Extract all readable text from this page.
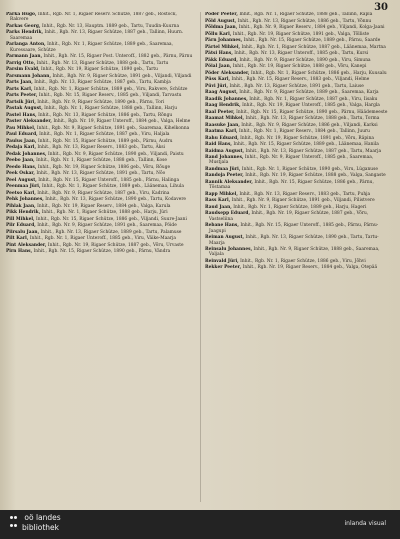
30

Parka Hugo, Inhit., Rgb. Nr. 1, Rigaer Reserv. Schütze, 1887 geb., Rostock, Rakvere

Parkas Georg, Inhit., Rgb. Nr. 13, Hauptm. 1889 geb., Tartu, Tuudin-Kuurna

Parks Hendrik, Inhit., Rgb. Nr. 13, Rigaer Schütze, 1887 geb., Tallinn, Huurn. Saaremaa

Parlanga Anton, Inhit., Rgb. Nr. 1, Rigaer Schütze, 1889 geb., Saaremaa, Kuressaare, Schütze

Parmann Jaan, Inhit., Rgb. Nr. 15, Rigaer Post. Unteroff., 1882 geb., Pärnu, Pärnu

Parrig Otto, Inhit., Rgb. Nr. 13, Rigaer Schütze, 1888 geb., Tartu, Tartu

Parsim Evald, Inhit., Rgb. Nr. 19, Rigaer Schütze, 1890 geb., Tartu

Parsmann Johann, Inhit., Rgb. Nr. 9, Rigaer Schütze, 1891 geb., Viljandi, Viljandi

Parts Jaan, Inhit., Rgb. Nr. 13, Rigaer Schütze, 1887 geb., Tartu, Kambja

Parts Karl, Inhit., Rgb. Nr. 1, Rigaer Schütze, 1889 geb., Viru, Rakvere, Schütze

Parts Peeter, Inhit., Rgb. Nr. 15, Rigaer Reserv., 1885 geb., Viljandi, Tarvastu

Partsik Jüri, Inhit., Rgb. Nr. 9, Rigaer Schütze, 1890 geb., Pärnu, Tori

Pastak August, Inhit., Rgb. Nr. 1, Rigaer Schütze, 1888 geb., Tallinn, Harju

Pastel Hans, Inhit., Rgb. Nr. 13, Rigaer Schütze, 1886 geb., Tartu, Rõngu

Paster Aleksander, Inhit., Rgb. Nr. 19, Rigaer Unteroff., 1884 geb., Valga, Helme

Pau Mihkel, Inhit., Rgb. Nr. 9, Rigaer Schütze, 1891 geb., Saaremaa, Kihelkonna

Paul Eduard, Inhit., Rgb. Nr. 1, Rigaer Schütze, 1887 geb., Viru, Haljala

Paulus Jaan, Inhit., Rgb. Nr. 15, Rigaer Schütze, 1889 geb., Pärnu, Audru

Pedaja Karl, Inhit., Rgb. Nr. 13, Rigaer Reserv., 1883 geb., Tartu, Äksi

Pedak Johannes, Inhit., Rgb. Nr. 9, Rigaer Schütze, 1890 geb., Viljandi, Paistu

Peebo Jaan, Inhit., Rgb. Nr. 1, Rigaer Schütze, 1888 geb., Tallinn, Kose

Peedo Hans, Inhit., Rgb. Nr. 19, Rigaer Schütze, 1886 geb., Võru, Rõuge

Peek Oskar, Inhit., Rgb. Nr. 13, Rigaer Schütze, 1891 geb., Tartu, Nõo

Peel August, Inhit., Rgb. Nr. 15, Rigaer Unteroff., 1885 geb., Pärnu, Halinga

Peenmaa Jüri, Inhit., Rgb. Nr. 1, Rigaer Schütze, 1889 geb., Läänemaa, Lihula

Peetso Karl, Inhit., Rgb. Nr. 9, Rigaer Schütze, 1887 geb., Viru, Kadrina

Pehk Johannes, Inhit., Rgb. Nr. 13, Rigaer Schütze, 1890 geb., Tartu, Kodavere

Pihlak Jaan, Inhit., Rgb. Nr. 19, Rigaer Reserv., 1884 geb., Valga, Karula

Pikk Hendrik, Inhit., Rgb. Nr. 1, Rigaer Schütze, 1888 geb., Harju, Jüri

Pill Mihkel, Inhit., Rgb. Nr. 15, Rigaer Schütze, 1886 geb., Viljandi, Suure-Jaani

Piir Eduard, Inhit., Rgb. Nr. 9, Rigaer Schütze, 1891 geb., Saaremaa, Pöide

Piirsalu Jaan, Inhit., Rgb. Nr. 13, Rigaer Schütze, 1889 geb., Tartu, Palamuse

Pilt Karl, Inhit., Rgb. Nr. 1, Rigaer Unteroff., 1885 geb., Viru, Väike-Maarja

Pint Aleksander, Inhit., Rgb. Nr. 19, Rigaer Schütze, 1887 geb., Võru, Urvaste

Pirn Hans, Inhit., Rgb. Nr. 15, Rigaer Schütze, 1890 geb., Pärnu, Vändra

Põder Peeter, Inhit., Rgb. Nr. 1, Rigaer Schütze, 1888 geb., Tallinn, Rapla

Põld August, Inhit., Rgb. Nr. 13, Rigaer Schütze, 1886 geb., Tartu, Võnnu

Põldma Jaan, Inhit., Rgb. Nr. 9, Rigaer Reserv., 1884 geb., Viljandi, Kolga-Jaani

Põllu Karl, Inhit., Rgb. Nr. 19, Rigaer Schütze, 1891 geb., Valga, Tõlliste

Pärn Johannes, Inhit., Rgb. Nr. 15, Rigaer Schütze, 1889 geb., Pärnu, Saarde

Pärtel Mihkel, Inhit., Rgb. Nr. 1, Rigaer Schütze, 1887 geb., Läänemaa, Martna

Pätsi Hans, Inhit., Rgb. Nr. 13, Rigaer Unteroff., 1885 geb., Tartu, Kursi

Päkk Eduard, Inhit., Rgb. Nr. 9, Rigaer Schütze, 1890 geb., Viru, Simuna

Pöial Jaan, Inhit., Rgb. Nr. 19, Rigaer Schütze, 1888 geb., Võru, Kanepi

Pöder Aleksander, Inhit., Rgb. Nr. 1, Rigaer Schütze, 1886 geb., Harju, Kuusalu

Püss Karl, Inhit., Rgb. Nr. 15, Rigaer Reserv., 1883 geb., Viljandi, Helme

Püvi Jüri, Inhit., Rgb. Nr. 13, Rigaer Schütze, 1891 geb., Tartu, Laiuse

Raag August, Inhit., Rgb. Nr. 9, Rigaer Schütze, 1889 geb., Saaremaa, Karja

Raadik Johannes, Inhit., Rgb. Nr. 1, Rigaer Schütze, 1887 geb., Viru, Iisaku

Raag Hendrik, Inhit., Rgb. Nr. 19, Rigaer Unteroff., 1885 geb., Valga, Hargla

Raal Peeter, Inhit., Rgb. Nr. 15, Rigaer Schütze, 1890 geb., Pärnu, Häädemeeste

Raamat Mihkel, Inhit., Rgb. Nr. 13, Rigaer Schütze, 1888 geb., Tartu, Torma

Raasuke Jaan, Inhit., Rgb. Nr. 9, Rigaer Schütze, 1886 geb., Viljandi, Karksi

Raatma Karl, Inhit., Rgb. Nr. 1, Rigaer Reserv., 1884 geb., Tallinn, Juuru

Rahu Eduard, Inhit., Rgb. Nr. 19, Rigaer Schütze, 1891 geb., Võru, Räpina

Raid Hans, Inhit., Rgb. Nr. 15, Rigaer Schütze, 1889 geb., Läänemaa, Hanila

Raidma August, Inhit., Rgb. Nr. 13, Rigaer Schütze, 1887 geb., Tartu, Maarja

Rand Johannes, Inhit., Rgb. Nr. 9, Rigaer Unteroff., 1885 geb., Saaremaa, Mustjala

Randmaa Jüri, Inhit., Rgb. Nr. 1, Rigaer Schütze, 1890 geb., Viru, Lüganuse

Randoja Peeter, Inhit., Rgb. Nr. 19, Rigaer Schütze, 1888 geb., Valga, Sangaste

Rannik Aleksander, Inhit., Rgb. Nr. 15, Rigaer Schütze, 1886 geb., Pärnu, Tõstamaa

Rapp Mihkel, Inhit., Rgb. Nr. 13, Rigaer Reserv., 1883 geb., Tartu, Puhja

Rass Karl, Inhit., Rgb. Nr. 9, Rigaer Schütze, 1891 geb., Viljandi, Pilistvere

Raud Jaan, Inhit., Rgb. Nr. 1, Rigaer Schütze, 1889 geb., Harju, Hageri

Raudsepp Eduard, Inhit., Rgb. Nr. 19, Rigaer Schütze, 1887 geb., Võru, Vastseliina

Rebane Hans, Inhit., Rgb. Nr. 15, Rigaer Unteroff., 1885 geb., Pärnu, Pärnu-Jaagupi

Reiman August, Inhit., Rgb. Nr. 13, Rigaer Schütze, 1890 geb., Tartu, Tartu-Maarja

Reinsalu Johannes, Inhit., Rgb. Nr. 9, Rigaer Schütze, 1888 geb., Saaremaa, Valjala

Reinvald Jüri, Inhit., Rgb. Nr. 1, Rigaer Schütze, 1886 geb., Viru, Jõhvi

Rekker Peeter, Inhit., Rgb. Nr. 19, Rigaer Reserv., 1884 geb., Valga, Otepää

oö landes
bibliothek	inlanda visual
